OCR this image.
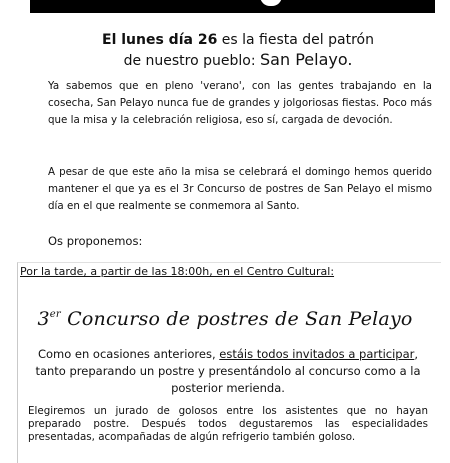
El lunes día 26 es la fiesta del patrón
de nuestro pueblo: San Pelayo.
Ya sabemos que en pleno 'verano', con las gentes trabajando en la cosecha, San Pelayo nunca fue de grandes y jolgoriosas fiestas. Poco más que la misa y la celebración religiosa, eso sí, cargada de devoción.
A pesar de que este año la misa se celebrará el domingo hemos querido mantener el que ya es el 3r Concurso de postres de San Pelayo el mismo día en el que realmente se conmemora al Santo.
Os proponemos:
Por la tarde, a partir de las 18:00h, en el Centro Cultural:
3er Concurso de postres de San Pelayo
Como en ocasiones anteriores, estáis todos invitados a participar, tanto preparando un postre y presentándolo al concurso como a la posterior merienda.
Elegiremos un jurado de golosos entre los asistentes que no hayan preparado postre. Después todos degustaremos las especialidades presentadas, acompañadas de algún refrigerio también goloso.
